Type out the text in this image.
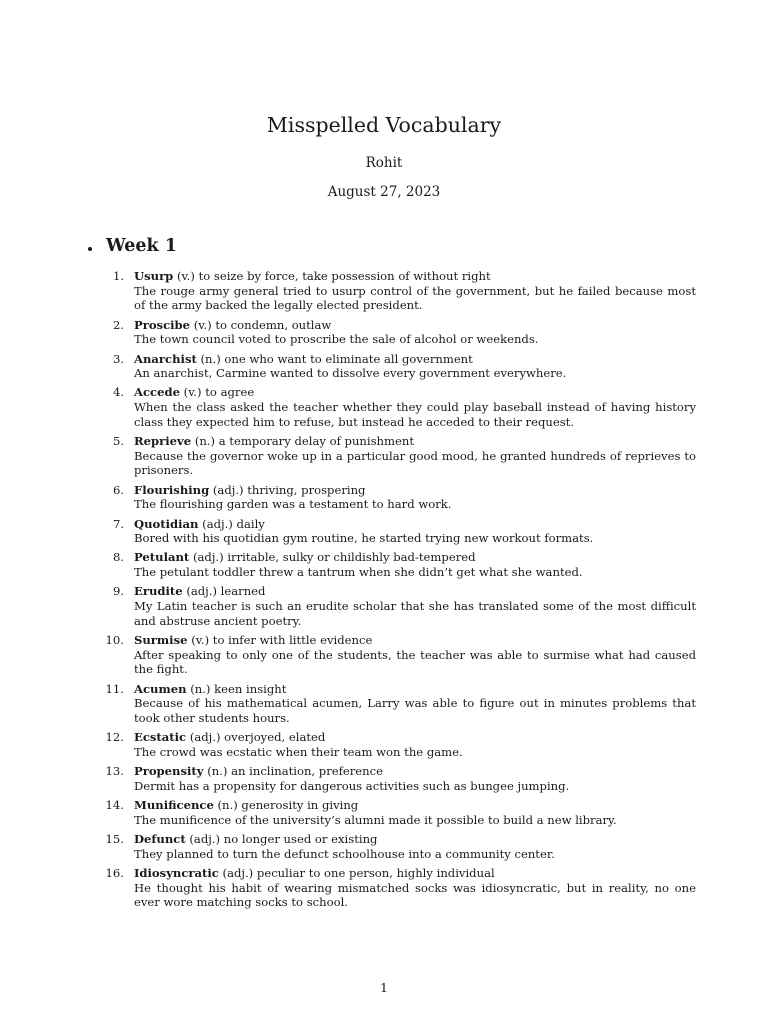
Misspelled Vocabulary
Rohit
August 27, 2023
Week 1
1. Usurp (v.) to seize by force, take possession of without right
The rouge army general tried to usurp control of the government, but he failed because most of the army backed the legally elected president.
2. Proscibe (v.) to condemn, outlaw
The town council voted to proscribe the sale of alcohol or weekends.
3. Anarchist (n.) one who want to eliminate all government
An anarchist, Carmine wanted to dissolve every government everywhere.
4. Accede (v.) to agree
When the class asked the teacher whether they could play baseball instead of having history class they expected him to refuse, but instead he acceded to their request.
5. Reprieve (n.) a temporary delay of punishment
Because the governor woke up in a particular good mood, he granted hundreds of reprieves to prisoners.
6. Flourishing (adj.) thriving, prospering
The flourishing garden was a testament to hard work.
7. Quotidian (adj.) daily
Bored with his quotidian gym routine, he started trying new workout formats.
8. Petulant (adj.) irritable, sulky or childishly bad-tempered
The petulant toddler threw a tantrum when she didn’t get what she wanted.
9. Erudite (adj.) learned
My Latin teacher is such an erudite scholar that she has translated some of the most difficult and abstruse ancient poetry.
10. Surmise (v.) to infer with little evidence
After speaking to only one of the students, the teacher was able to surmise what had caused the fight.
11. Acumen (n.) keen insight
Because of his mathematical acumen, Larry was able to figure out in minutes problems that took other students hours.
12. Ecstatic (adj.) overjoyed, elated
The crowd was ecstatic when their team won the game.
13. Propensity (n.) an inclination, preference
Dermit has a propensity for dangerous activities such as bungee jumping.
14. Munificence (n.) generosity in giving
The munificence of the university’s alumni made it possible to build a new library.
15. Defunct (adj.) no longer used or existing
They planned to turn the defunct schoolhouse into a community center.
16. Idiosyncratic (adj.) peculiar to one person, highly individual
He thought his habit of wearing mismatched socks was idiosyncratic, but in reality, no one ever wore matching socks to school.
1
